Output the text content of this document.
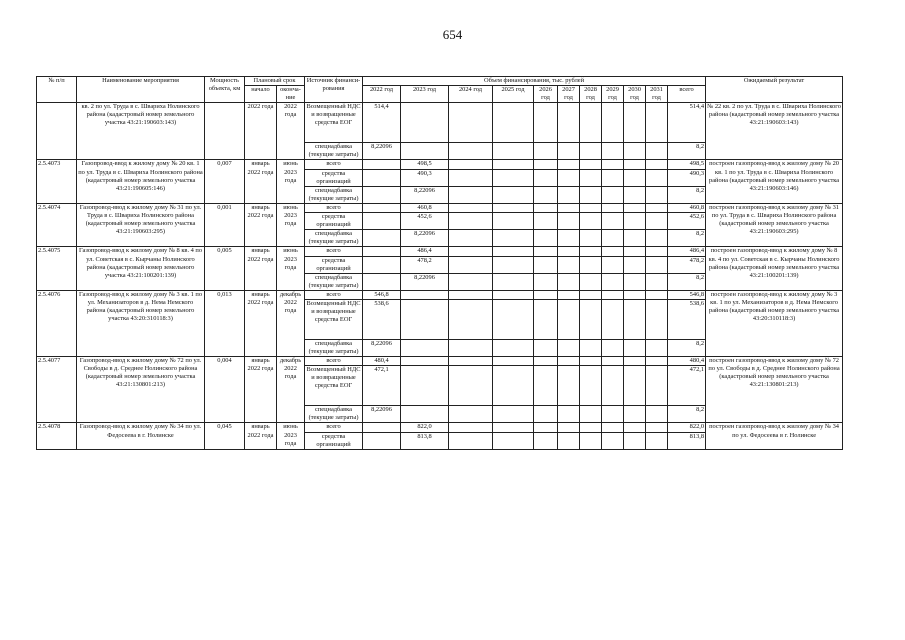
654
№ п/п	Наименование мероприятия	Мощность объекта, км	Плановый срок		Источник финанси-рования	Объем финансирования, тыс. рублей											Ожидаемый результат
			начало	оконча-ние		2022 год	2023 год	2024 год	2025 год	2026 год	2027 год	2028 год	2029 год	2030 год	2031 год	всего	
	кв. 2 по ул. Труда в с. Швариха Нолинского района (кадастровый номер земельного участка 43:21:190603:143)		2022 года	2022 года	Возмещенный НДС и возвращенные средства ЕОГ	514,4										514,4	№ 22 кв. 2 по ул. Труда в с. Швариха Нолинского района (кадастровый номер земельного участка 43:21:190603:143)
					спецнадбавка (текущие затраты)	8,22096										8,2	
2.5.4073	Газопровод-ввод к жилому дому № 20 кв. 1 по ул. Труда в с. Швариха Нолинского района (кадастровый номер земельного участка 43:21:190605:146)	0,007	январь 2022 года	июнь 2023 года	всего		498,5									498,5	построен газопровод-ввод к жилому дому № 20 кв. 1 по ул. Труда в с. Швариха Нолинского района (кадастровый номер земельного участка 43:21:190603:146)
					средства организаций		490,3									490,3	
					спецнадбавка (текущие затраты)		8,22096									8,2	
2.5.4074	Газопровод-ввод к жилому дому № 31 по ул. Труда в с. Швариха Нолинского района (кадастровый номер земельного участка 43:21:190603:295)	0,001	январь 2022 года	июнь 2023 года	всего		460,8									460,8	построен газопровод-ввод к жилому дому № 31 по ул. Труда в с. Швариха Нолинского района (кадастровый номер земельного участка 43:21:190603:295)
					средства организаций		452,6									452,6	
					спецнадбавка (текущие затраты)		8,22096									8,2	
2.5.4075	Газопровод-ввод к жилому дому № 8 кв. 4 по ул. Советская в с. Кырчаны Нолинского района (кадастровый номер земельного участка 43:21:100201:139)	0,005	январь 2022 года	июнь 2023 года	всего		486,4									486,4	построен газопровод-ввод к жилому дому № 8 кв. 4 по ул. Советская в с. Кырчаны Нолинского района (кадастровый номер земельного участка 43:21:100201:139)
					средства организаций		478,2									478,2	
					спецнадбавка (текущие затраты)		8,22096									8,2	
2.5.4076	Газопровод-ввод к жилому дому № 3 кв. 1 по ул. Механизаторов в д. Нема Немского района (кадастровый номер земельного участка 43:20:310118:3)	0,013	январь 2022 года	декабрь 2022 года	всего	546,8										546,8	построен газопровод-ввод к жилому дому № 3 кв. 1 по ул. Механизаторов в д. Нема Немского района (кадастровый номер земельного участка 43:20:310118:3)
					Возмещенный НДС и возвращенные средства ЕОГ	538,6										538,6	
					спецнадбавка (текущие затраты)	8,22096										8,2	
2.5.4077	Газопровод-ввод к жилому дому № 72 по ул. Свободы в д. Среднее Нолинского района (кадастровый номер земельного участка 43:21:130801:213)	0,004	январь 2022 года	декабрь 2022 года	всего	480,4										480,4	построен газопровод-ввод к жилому дому № 72 по ул. Свободы в д. Среднее Нолинского района (кадастровый номер земельного участка 43:21:130801:213)
					Возмещенный НДС и возвращенные средства ЕОГ	472,1										472,1	
					спецнадбавка (текущие затраты)	8,22096										8,2	
2.5.4078	Газопровод-ввод к жилому дому № 34 по ул. Федосеева в г. Нолинске	0,045	январь 2022 года	июнь 2023 года	всего		822,0									822,0	построен газопровод-ввод к жилому дому № 34 по ул. Федосеева в г. Нолинске
					средства организаций		813,8									813,8	
